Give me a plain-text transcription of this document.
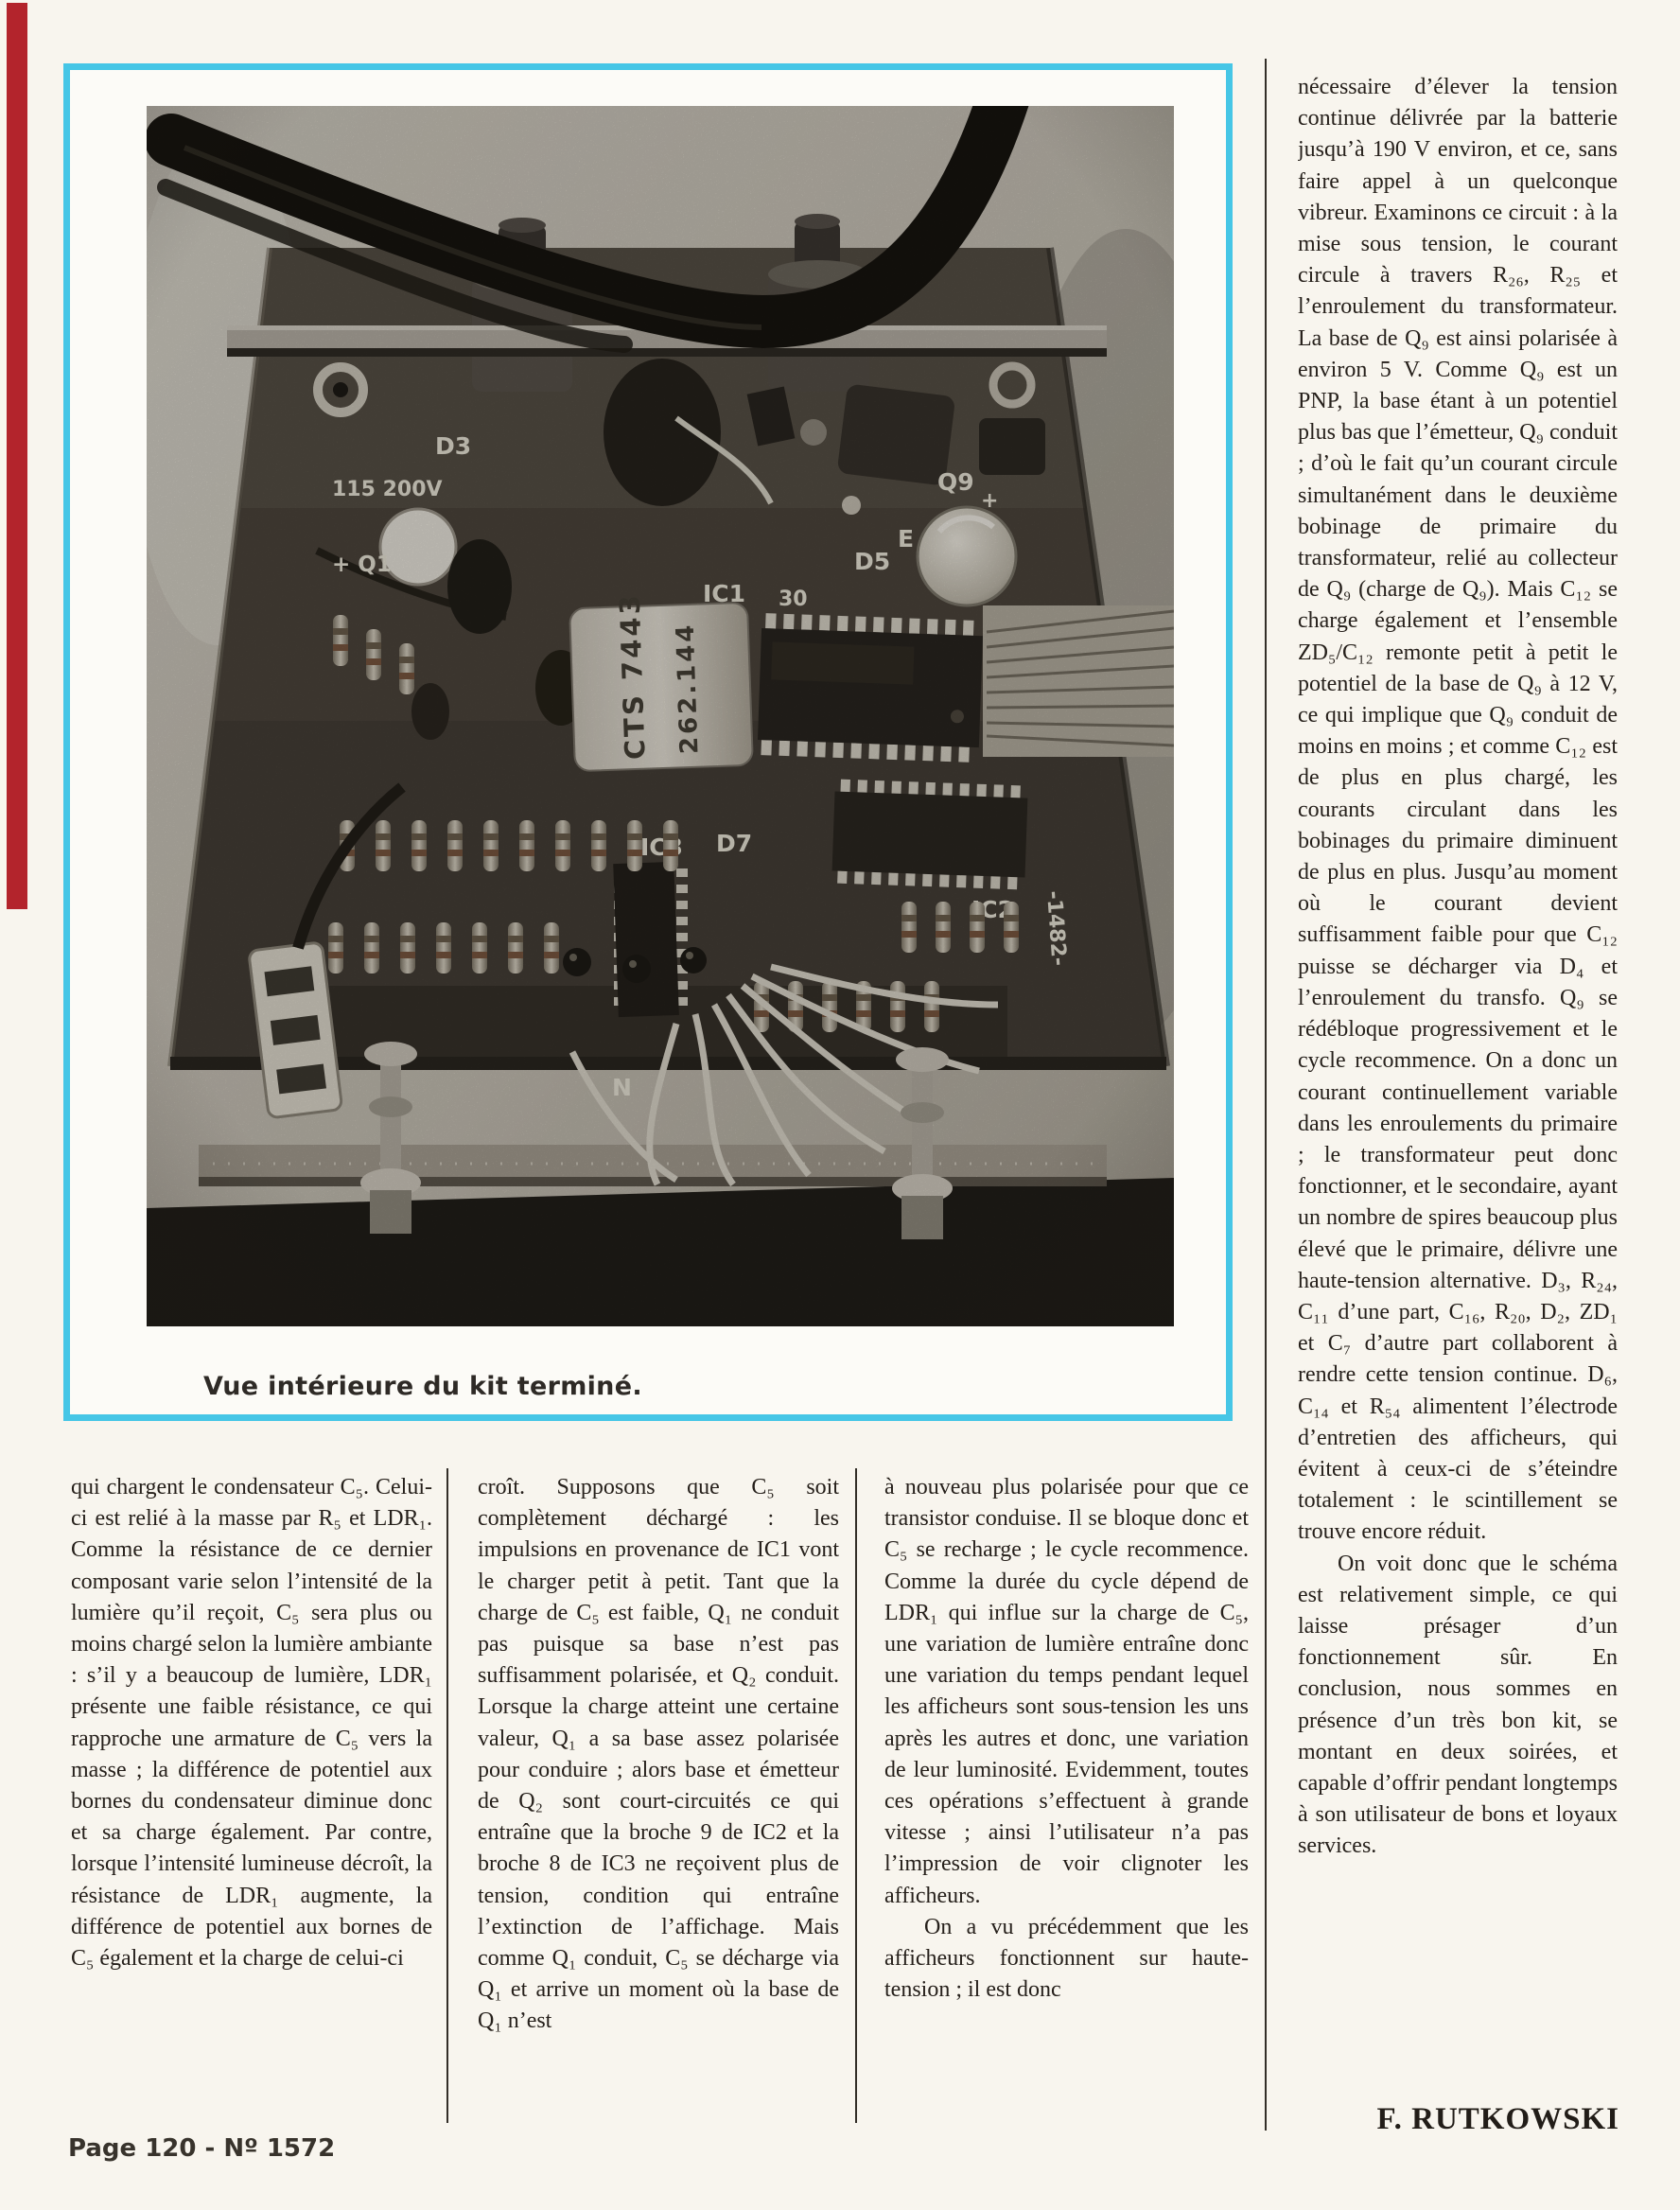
Vue intérieure du kit terminé.

qui chargent le condensateur C₅. Celui-ci est relié à la masse par R₅ et LDR₁. Comme la résistance de ce dernier composant varie selon l’intensité de la lumière qu’il reçoit, C₅ sera plus ou moins chargé selon la lumière ambiante : s’il y a beaucoup de lumière, LDR₁ présente une faible résistance, ce qui rapproche une armature de C₅ vers la masse ; la différence de potentiel aux bornes du condensateur diminue donc et sa charge également. Par contre, lorsque l’intensité lumineuse décroît, la résistance de LDR₁ augmente, la différence de potentiel aux bornes de C₅ également et la charge de celui-ci

croît. Supposons que C₅ soit complètement déchargé : les impulsions en provenance de IC1 vont le charger petit à petit. Tant que la charge de C₅ est faible, Q₁ ne conduit pas puisque sa base n’est pas suffisamment polarisée, et Q₂ conduit. Lorsque la charge atteint une certaine valeur, Q₁ a sa base assez polarisée pour conduire ; alors base et émetteur de Q₂ sont court-circuités ce qui entraîne que la broche 9 de IC2 et la broche 8 de IC3 ne reçoivent plus de tension, condition qui entraîne l’extinction de l’affichage. Mais comme Q₁ conduit, C₅ se décharge via Q₁ et arrive un moment où la base de Q₁ n’est

à nouveau plus polarisée pour que ce transistor conduise. Il se bloque donc et C₅ se recharge ; le cycle recommence. Comme la durée du cycle dépend de LDR₁ qui influe sur la charge de C₅, une variation de lumière entraîne donc une variation du temps pendant lequel les afficheurs sont sous-tension les uns après les autres et donc, une variation de leur luminosité. Evidemment, toutes ces opérations s’effectuent à grande vitesse ; ainsi l’utilisateur n’a pas l’impression de voir clignoter les afficheurs.

On a vu précédemment que les afficheurs fonctionnent sur haute-tension ; il est donc

nécessaire d’élever la tension continue délivrée par la batterie jusqu’à 190 V environ, et ce, sans faire appel à un quelconque vibreur. Examinons ce circuit : à la mise sous tension, le courant circule à travers R₂₆, R₂₅ et l’enroulement du transformateur. La base de Q₉ est ainsi polarisée à environ 5 V. Comme Q₉ est un PNP, la base étant à un potentiel plus bas que l’émetteur, Q₉ conduit ; d’où le fait qu’un courant circule simultanément dans le deuxième bobinage de primaire du transformateur, relié au collecteur de Q₉ (charge de Q₉). Mais C₁₂ se charge également et l’ensemble ZD₅/C₁₂ remonte petit à petit le potentiel de la base de Q₉ à 12 V, ce qui implique que Q₉ conduit de moins en moins ; et comme C₁₂ est de plus en plus chargé, les courants circulant dans les bobinages du primaire diminuent de plus en plus. Jusqu’au moment où le courant devient suffisamment faible pour que C₁₂ puisse se décharger via D₄ et l’enroulement du transfo. Q₉ se rédébloque progressivement et le cycle recommence. On a donc un courant continuellement variable dans les enroulements du primaire ; le transformateur peut donc fonctionner, et le secondaire, ayant un nombre de spires beaucoup plus élevé que le primaire, délivre une haute-tension alternative. D₃, R₂₄, C₁₁ d’une part, C₁₆, R₂₀, D₂, ZD₁ et C₇ d’autre part collaborent à rendre cette tension continue. D₆, C₁₄ et R₅₄ alimentent l’électrode d’entretien des afficheurs, qui évitent à ceux-ci de s’éteindre totalement : le scintillement se trouve encore réduit.

On voit donc que le schéma est relativement simple, ce qui laisse présager d’un fonctionnement sûr. En conclusion, nous sommes en présence d’un très bon kit, se montant en deux soirées, et capable d’offrir pendant longtemps à son utilisateur de bons et loyaux services.

F. RUTKOWSKI
Page 120 - Nº 1572
